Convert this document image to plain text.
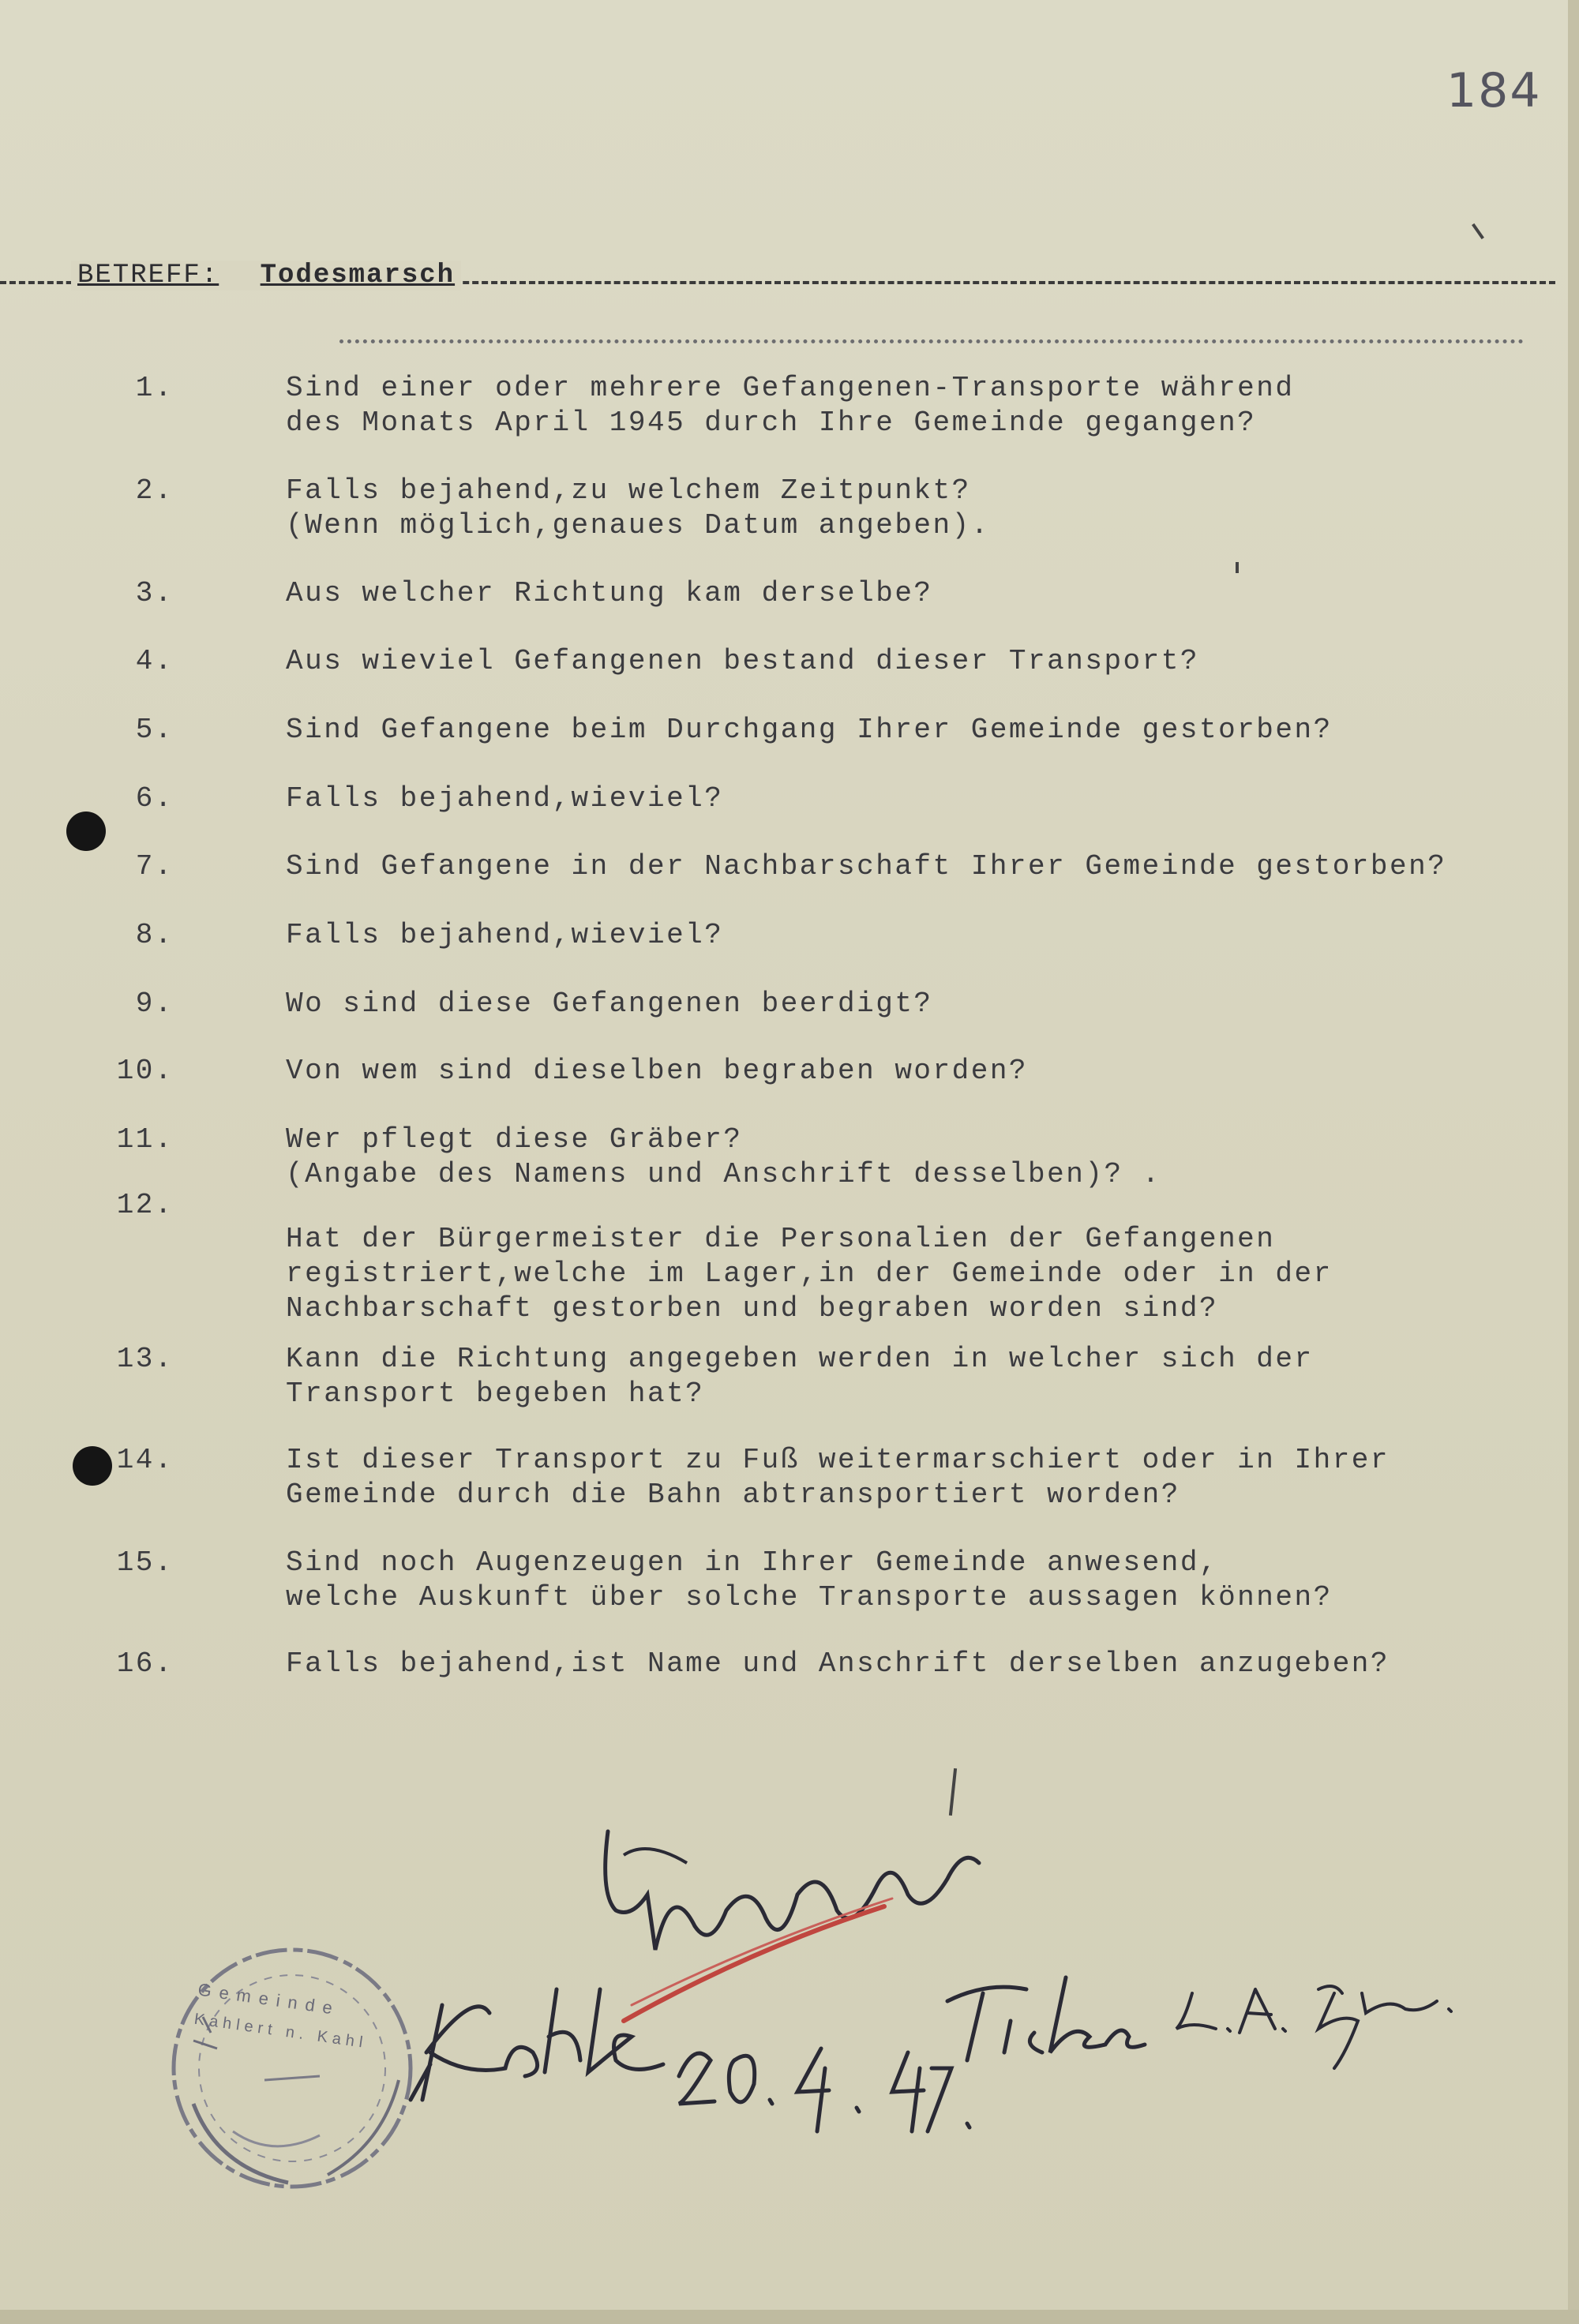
184
BETREFF: Todesmarsch
1.	Sind einer oder mehrere Gefangenen-Transporte während
des Monats April 1945 durch Ihre Gemeinde gegangen?
2.	Falls bejahend,zu welchem Zeitpunkt?
(Wenn möglich,genaues Datum angeben).
3.	Aus welcher Richtung kam derselbe?
4.	Aus wieviel Gefangenen bestand dieser Transport?
5.	Sind Gefangene beim Durchgang Ihrer Gemeinde gestorben?
6.	Falls bejahend,wieviel?
7.	Sind Gefangene in der Nachbarschaft Ihrer Gemeinde gestorben?
8.	Falls bejahend,wieviel?
9.	Wo sind diese Gefangenen beerdigt?
10.	Von wem sind dieselben begraben worden?
11.	Wer pflegt diese Gräber?
(Angabe des Namens und Anschrift desselben)? .
12.
Hat der Bürgermeister die Personalien der Gefangenen
registriert,welche im Lager,in der Gemeinde oder in der
Nachbarschaft gestorben und begraben worden sind?
13.	Kann die Richtung angegeben werden in welcher sich der
Transport begeben hat?
14.	Ist dieser Transport zu Fuß weitermarschiert oder in Ihrer
Gemeinde durch die Bahn abtransportiert worden?
15.	Sind noch Augenzeugen in Ihrer Gemeinde anwesend,
welche Auskunft über solche Transporte aussagen können?
16.	Falls bejahend,ist Name und Anschrift derselben anzugeben?
Gemeinde
Kahlert n. Kahl
